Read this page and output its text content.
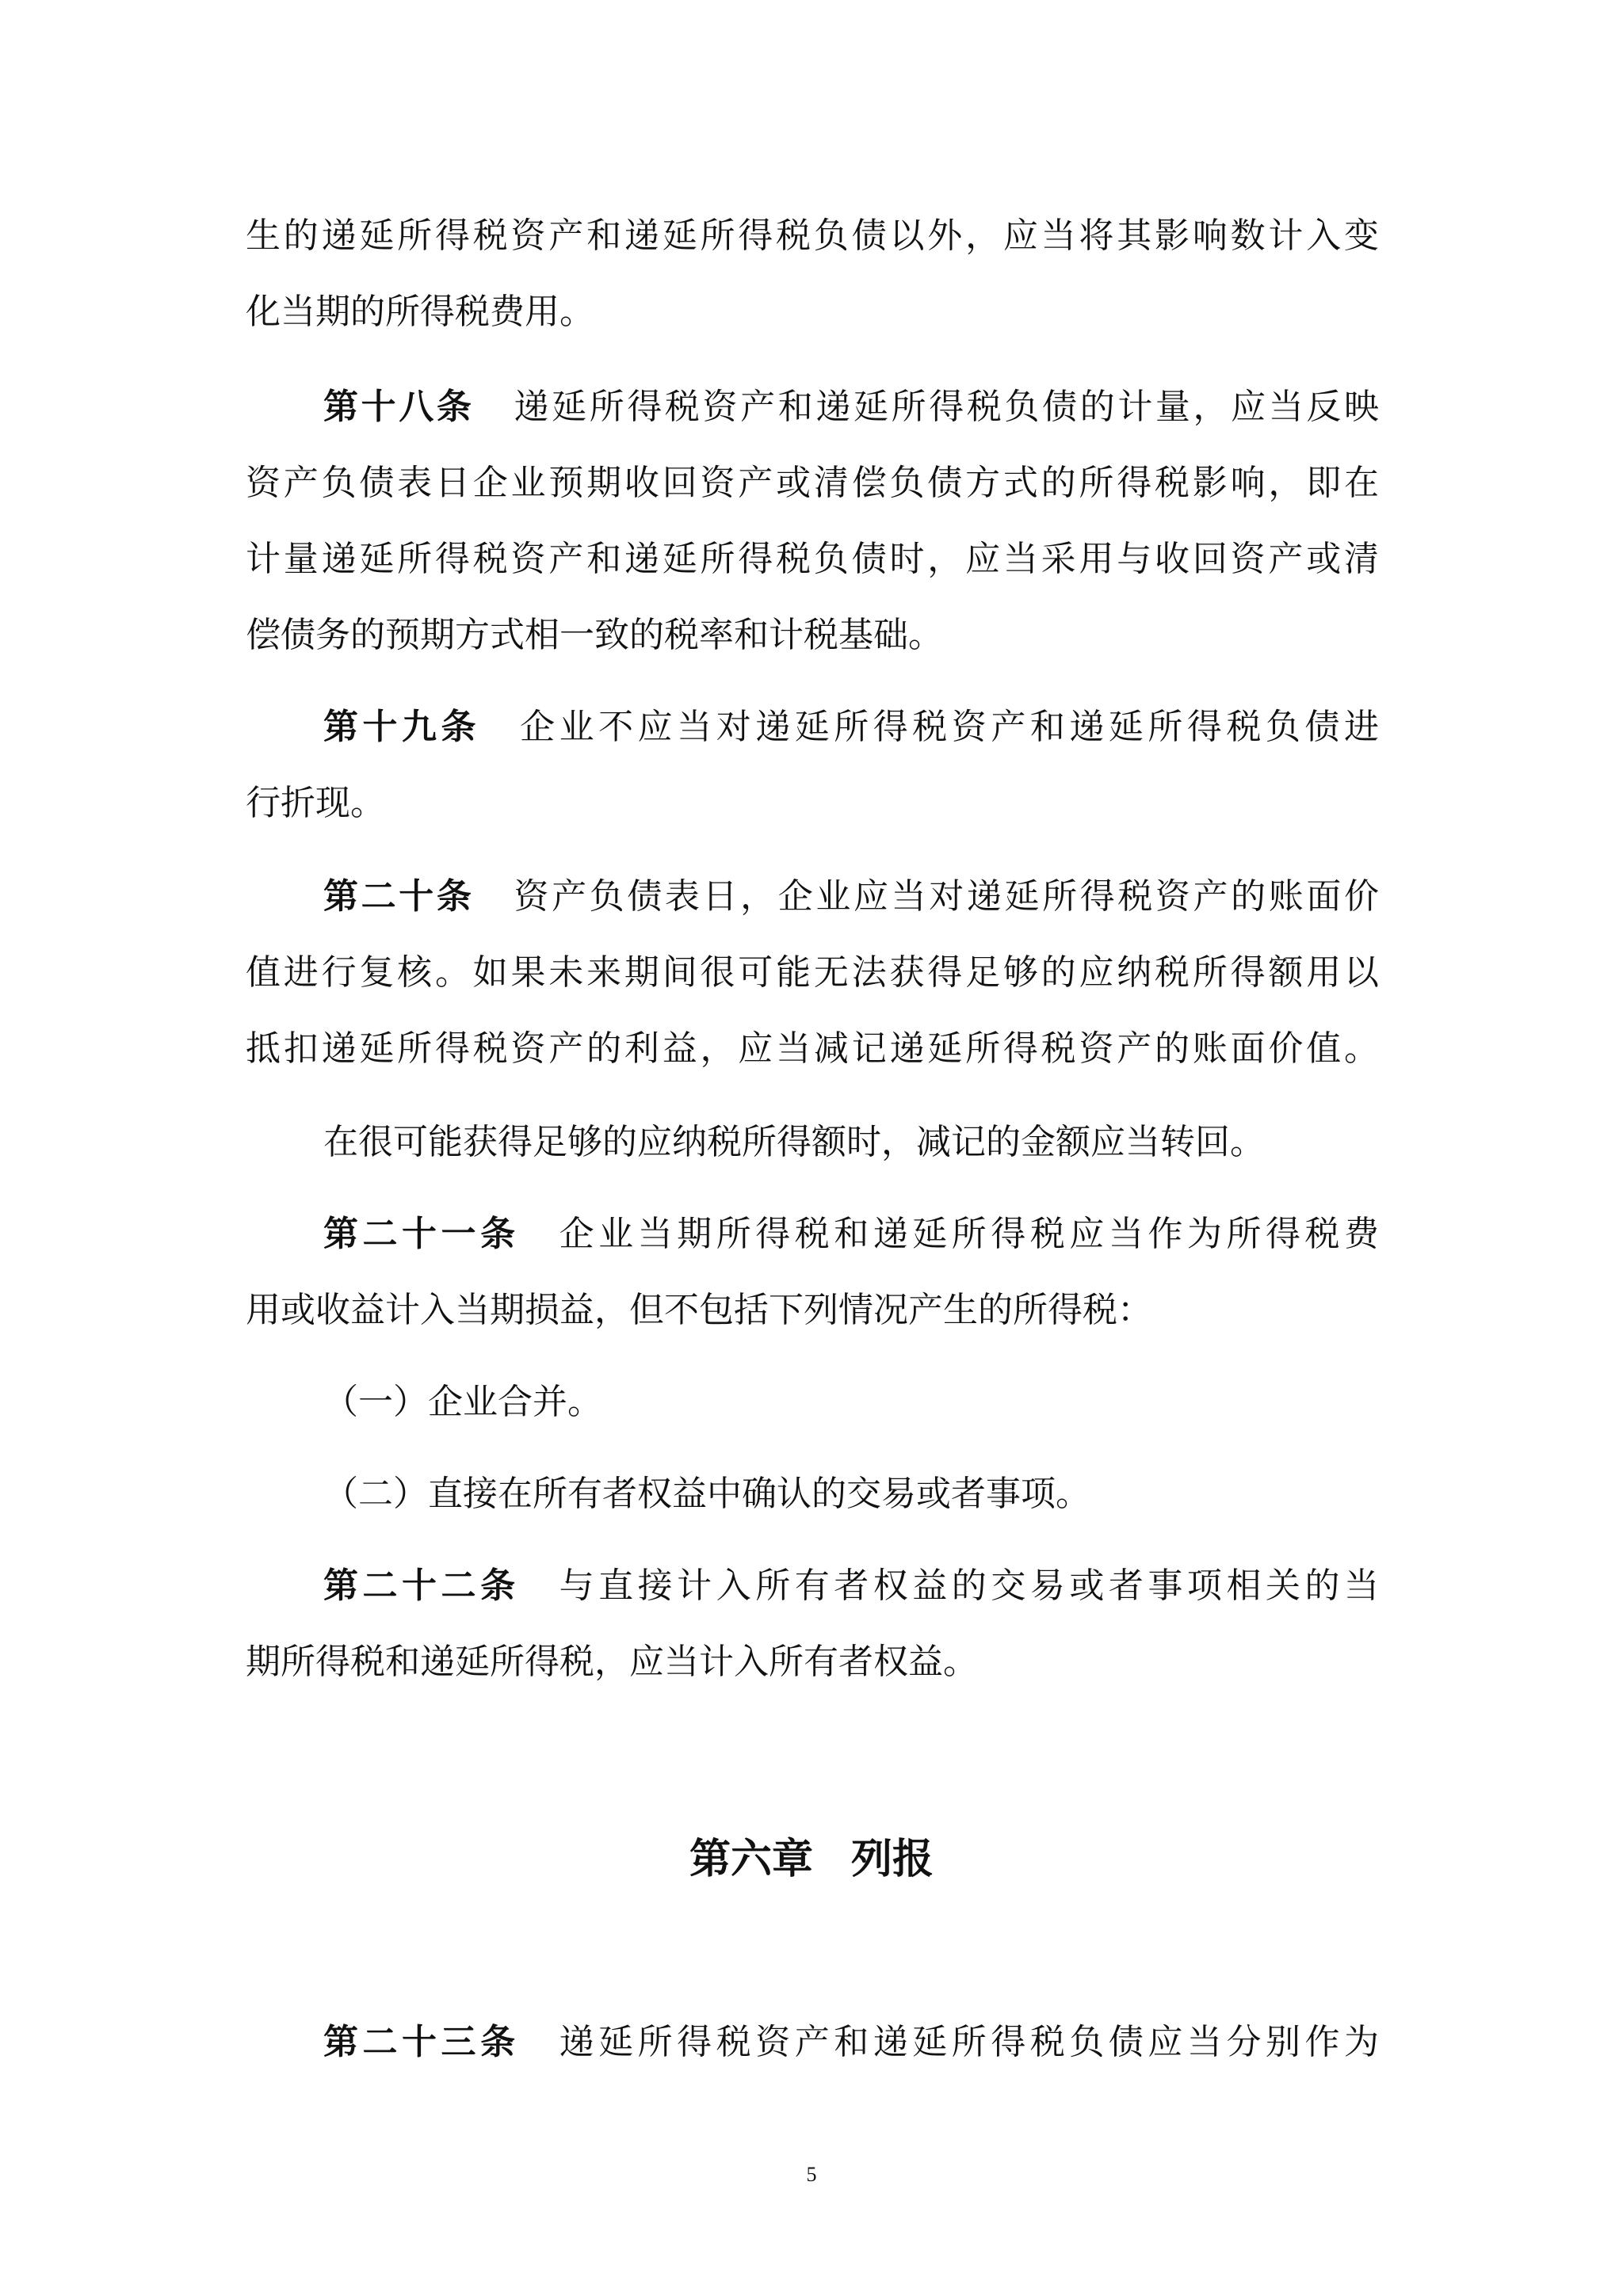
生的递延所得税资产和递延所得税负债以外，应当将其影响数计入变

化当期的所得税费用。

第十八条 递延所得税资产和递延所得税负债的计量，应当反映

资产负债表日企业预期收回资产或清偿负债方式的所得税影响，即在

计量递延所得税资产和递延所得税负债时，应当采用与收回资产或清

偿债务的预期方式相一致的税率和计税基础。

第十九条 企业不应当对递延所得税资产和递延所得税负债进

行折现。

第二十条 资产负债表日，企业应当对递延所得税资产的账面价

值进行复核。如果未来期间很可能无法获得足够的应纳税所得额用以

抵扣递延所得税资产的利益，应当减记递延所得税资产的账面价值。

在很可能获得足够的应纳税所得额时，减记的金额应当转回。

第二十一条 企业当期所得税和递延所得税应当作为所得税费

用或收益计入当期损益，但不包括下列情况产生的所得税：

（一）企业合并。

（二）直接在所有者权益中确认的交易或者事项。

第二十二条 与直接计入所有者权益的交易或者事项相关的当

期所得税和递延所得税，应当计入所有者权益。

第六章 列报

第二十三条 递延所得税资产和递延所得税负债应当分别作为

5
